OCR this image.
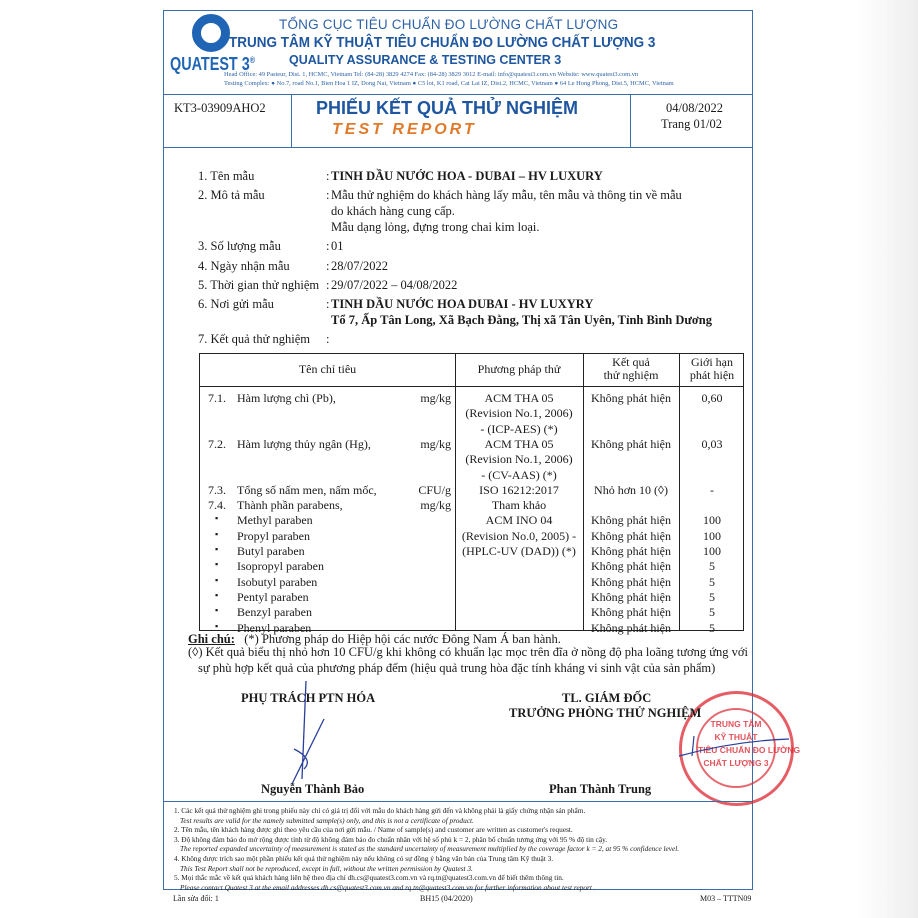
QUATEST 3®
TỔNG CỤC TIÊU CHUẨN ĐO LƯỜNG CHẤT LƯỢNG
TRUNG TÂM KỸ THUẬT TIÊU CHUẨN ĐO LƯỜNG CHẤT LƯỢNG 3
QUALITY ASSURANCE & TESTING CENTER 3
Head Office: 49 Pasteur, Dist. 1, HCMC, Vietnam Tel: (84-28) 3829 4274 Fax: (84-28) 3829 3012 E-mail: info@quatest3.com.vn Website: www.quatest3.com.vn
Testing Complex: ● No.7, road No.1, Bien Hoa 1 IZ, Dong Nai, Vietnam ● C5 lot, K1 road, Cat Lai IZ, Dist.2, HCMC, Vietnam ● 64 Le Hong Phong, Dist.5, HCMC, Vietnam
KT3-03909AHO2	PHIẾU KẾT QUẢ THỬ NGHIỆM
TEST REPORT
04/08/2022
Trang 01/02
1. Tên mẫu	: TINH DẦU NƯỚC HOA - DUBAI – HV LUXURY
2. Mô tả mẫu	: Mẫu thử nghiệm do khách hàng lấy mẫu, tên mẫu và thông tin về mẫu
do khách hàng cung cấp.
Mẫu dạng lỏng, đựng trong chai kim loại.
3. Số lượng mẫu	: 01
4. Ngày nhận mẫu	: 28/07/2022
5. Thời gian thử nghiệm : 29/07/2022 – 04/08/2022
6. Nơi gửi mẫu	: TINH DẦU NƯỚC HOA DUBAI - HV LUXYRY
Tổ 7, Ấp Tân Long, Xã Bạch Đằng, Thị xã Tân Uyên, Tỉnh Bình Dương
7. Kết quả thử nghiệm :
Tên chỉ tiêu	Phương pháp thử	Kết quả
thử nghiệm
Giới hạn
phát hiện
7.1. Hàm lượng chì (Pb),	mg/kg	ACM THA 05	Không phát hiện	0,60
(Revision No.1, 2006)
- (ICP-AES) (*)
7.2. Hàm lượng thủy ngân (Hg),	mg/kg	ACM THA 05	Không phát hiện	0,03
(Revision No.1, 2006)
- (CV-AAS) (*)
7.3. Tổng số nấm men, nấm mốc,	CFU/g	ISO 16212:2017	Nhỏ hơn 10 (◊)	-
7.4. Thành phần parabens,	mg/kg	Tham khảo
▪ Methyl paraben	ACM INO 04	Không phát hiện	100
▪ Propyl paraben	(Revision No.0, 2005) -	Không phát hiện	100
▪ Butyl paraben	(HPLC-UV (DAD)) (*)	Không phát hiện	100
▪ Isopropyl paraben	Không phát hiện	5
▪ Isobutyl paraben	Không phát hiện	5
▪ Pentyl paraben	Không phát hiện	5
▪ Benzyl paraben	Không phát hiện	5
▪ Phenyl paraben	Không phát hiện	5
Ghi chú: (*) Phương pháp do Hiệp hội các nước Đông Nam Á ban hành.
(◊) Kết quả biểu thị nhỏ hơn 10 CFU/g khi không có khuẩn lạc mọc trên đĩa ở nồng độ pha loãng tương ứng với
sự phù hợp kết quả của phương pháp đếm (hiệu quả trung hòa đặc tính kháng vi sinh vật của sản phẩm)
PHỤ TRÁCH PTN HÓA
Nguyễn Thành Bảo
TRUNG TÂM
KỸ THUẬT
TIÊU CHUẨN ĐO LƯỜNG
CHẤT LƯỢNG 3
TL. GIÁM ĐỐC
TRƯỞNG PHÒNG THỬ NGHIỆM
Phan Thành Trung
1. Các kết quả thử nghiệm ghi trong phiếu này chỉ có giá trị đối với mẫu do khách hàng gửi đến và không phải là giấy chứng nhận sản phẩm.
Test results are valid for the namely submitted sample(s) only, and this is not a certificate of product.
2. Tên mẫu, tên khách hàng được ghi theo yêu cầu của nơi gửi mẫu. / Name of sample(s) and customer are written as customer's request.
3. Độ không đảm bảo đo mở rộng được tính từ độ không đảm bảo đo chuẩn nhân với hệ số phủ k = 2, phân bố chuẩn tương ứng với 95 % độ tin cậy.
The reported expanded uncertainty of measurement is stated as the standard uncertainty of measurement multiplied by the coverage factor k = 2, at 95 % confidence level.
4. Không được trích sao một phần phiếu kết quả thử nghiệm này nếu không có sự đồng ý bằng văn bản của Trung tâm Kỹ thuật 3.
This Test Report shall not be reproduced, except in full, without the written permission by Quatest 3.
5. Mọi thắc mắc về kết quả khách hàng liên hệ theo địa chỉ dh.cs@quatest3.com.vn và rq.tn@quatest3.com.vn để biết thêm thông tin.
Please contact Quatest 3 at the email addresses dh.cs@quatest3.com.vn and rq.tn@quatest3.com.vn for further information about test report .
Lần sửa đổi: 1	BH15 (04/2020)	M03 – TTTN09
